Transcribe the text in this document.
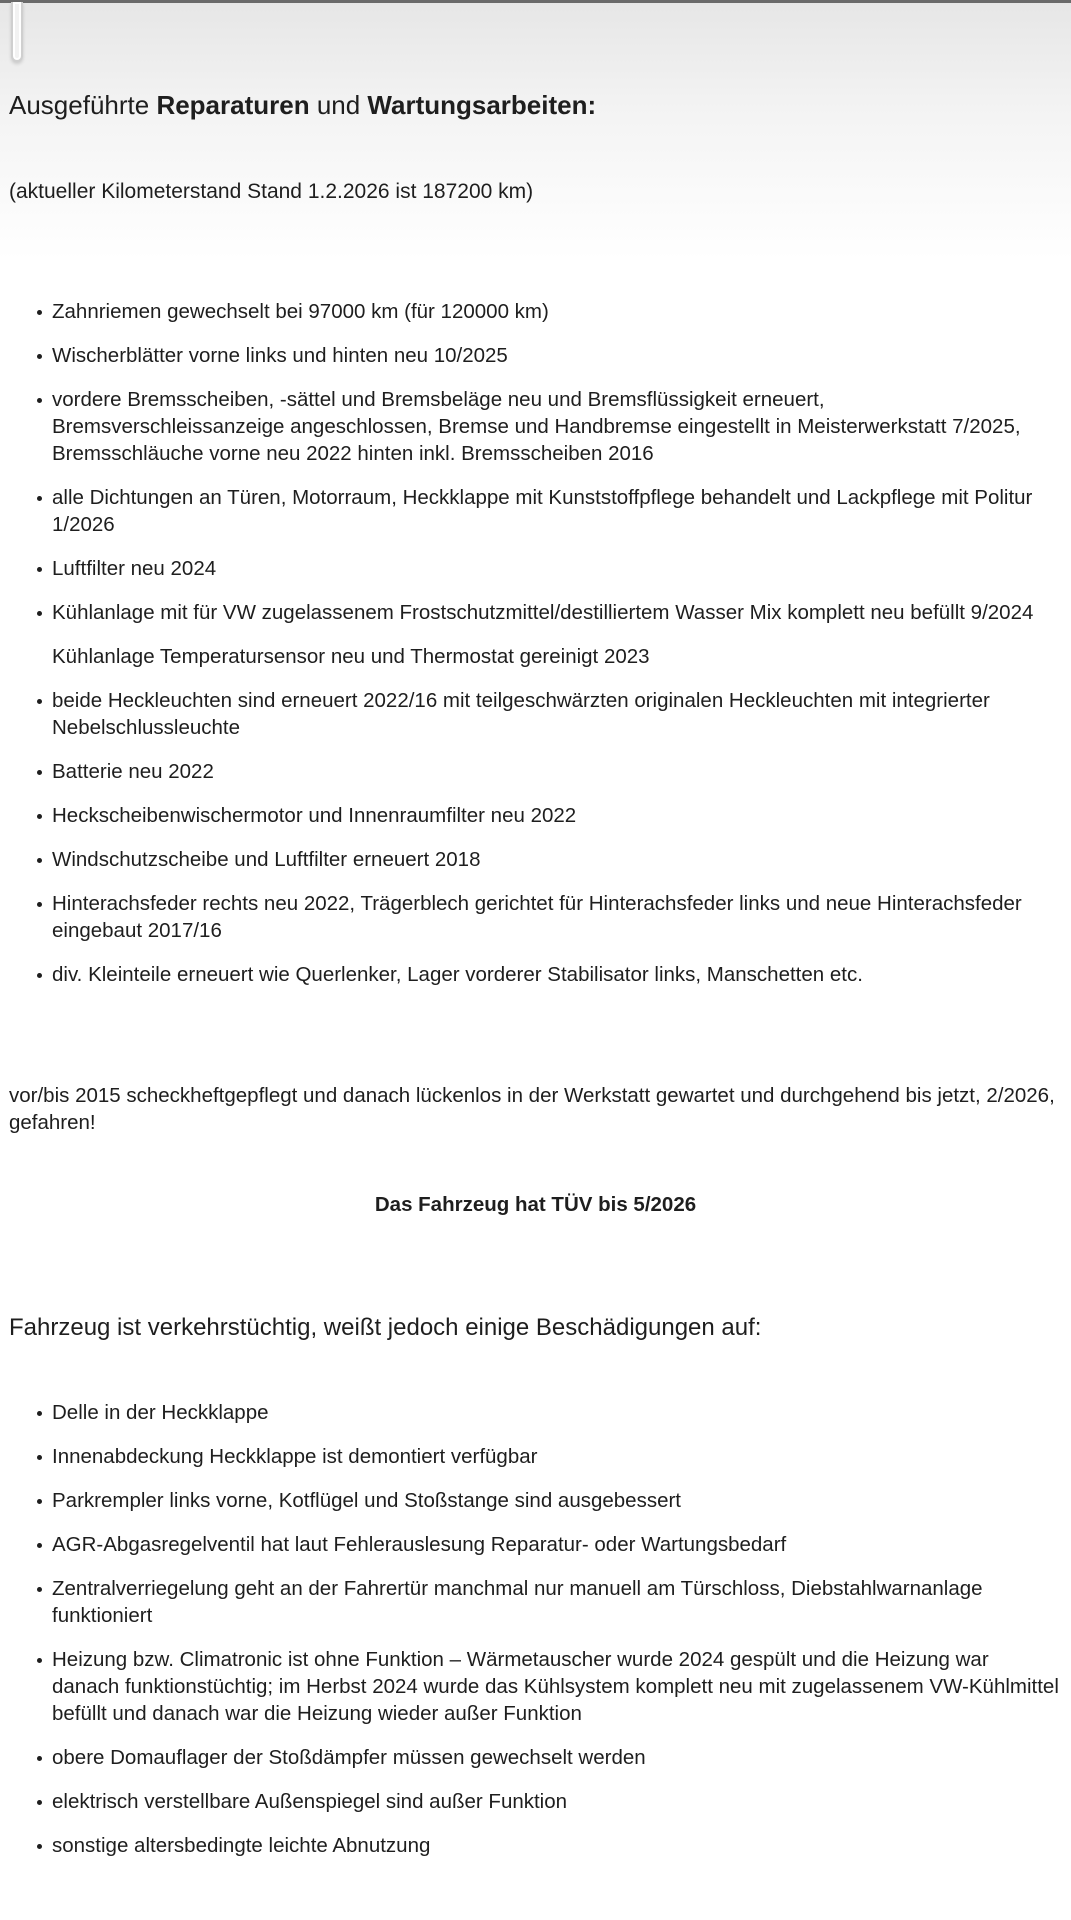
Ausgeführte Reparaturen und Wartungsarbeiten:

(aktueller Kilometerstand Stand 1.2.2026 ist 187200 km)

Zahnriemen gewechselt bei 97000 km (für 120000 km)
Wischerblätter vorne links und hinten neu 10/2025
vordere Bremsscheiben, -sättel und Bremsbeläge neu und Bremsflüssigkeit erneuert, Bremsverschleissanzeige angeschlossen, Bremse und Handbremse eingestellt in Meisterwerkstatt 7/2025, Bremsschläuche vorne neu 2022 hinten inkl. Bremsscheiben 2016
alle Dichtungen an Türen, Motorraum, Heckklappe mit Kunststoffpflege behandelt und Lackpflege mit Politur 1/2026
Luftfilter neu 2024
Kühlanlage mit für VW zugelassenem Frostschutzmittel/destilliertem Wasser Mix komplett neu befüllt 9/2024
Kühlanlage Temperatursensor neu und Thermostat gereinigt 2023
beide Heckleuchten sind erneuert 2022/16 mit teilgeschwärzten originalen Heckleuchten mit integrierter Nebelschlussleuchte
Batterie neu 2022
Heckscheibenwischermotor und Innenraumfilter neu 2022
Windschutzscheibe und Luftfilter erneuert 2018
Hinterachsfeder rechts neu 2022, Trägerblech gerichtet für Hinterachsfeder links und neue Hinterachsfeder eingebaut 2017/16
div. Kleinteile erneuert wie Querlenker, Lager vorderer Stabilisator links, Manschetten etc.

vor/bis 2015 scheckheftgepflegt und danach lückenlos in der Werkstatt gewartet und durchgehend bis jetzt, 2/2026, gefahren!

Das Fahrzeug hat TÜV bis 5/2026

Fahrzeug ist verkehrstüchtig, weißt jedoch einige Beschädigungen auf:
Delle in der Heckklappe
Innenabdeckung Heckklappe ist demontiert verfügbar
Parkrempler links vorne, Kotflügel und Stoßstange sind ausgebessert
AGR-Abgasregelventil hat laut Fehlerauslesung Reparatur- oder Wartungsbedarf
Zentralverriegelung geht an der Fahrertür manchmal nur manuell am Türschloss, Diebstahlwarnanlage funktioniert
Heizung bzw. Climatronic ist ohne Funktion – Wärmetauscher wurde 2024 gespült und die Heizung war danach funktionstüchtig; im Herbst 2024 wurde das Kühlsystem komplett neu mit zugelassenem VW-Kühlmittel befüllt und danach war die Heizung wieder außer Funktion
obere Domauflager der Stoßdämpfer müssen gewechselt werden
elektrisch verstellbare Außenspiegel sind außer Funktion
sonstige altersbedingte leichte Abnutzung
